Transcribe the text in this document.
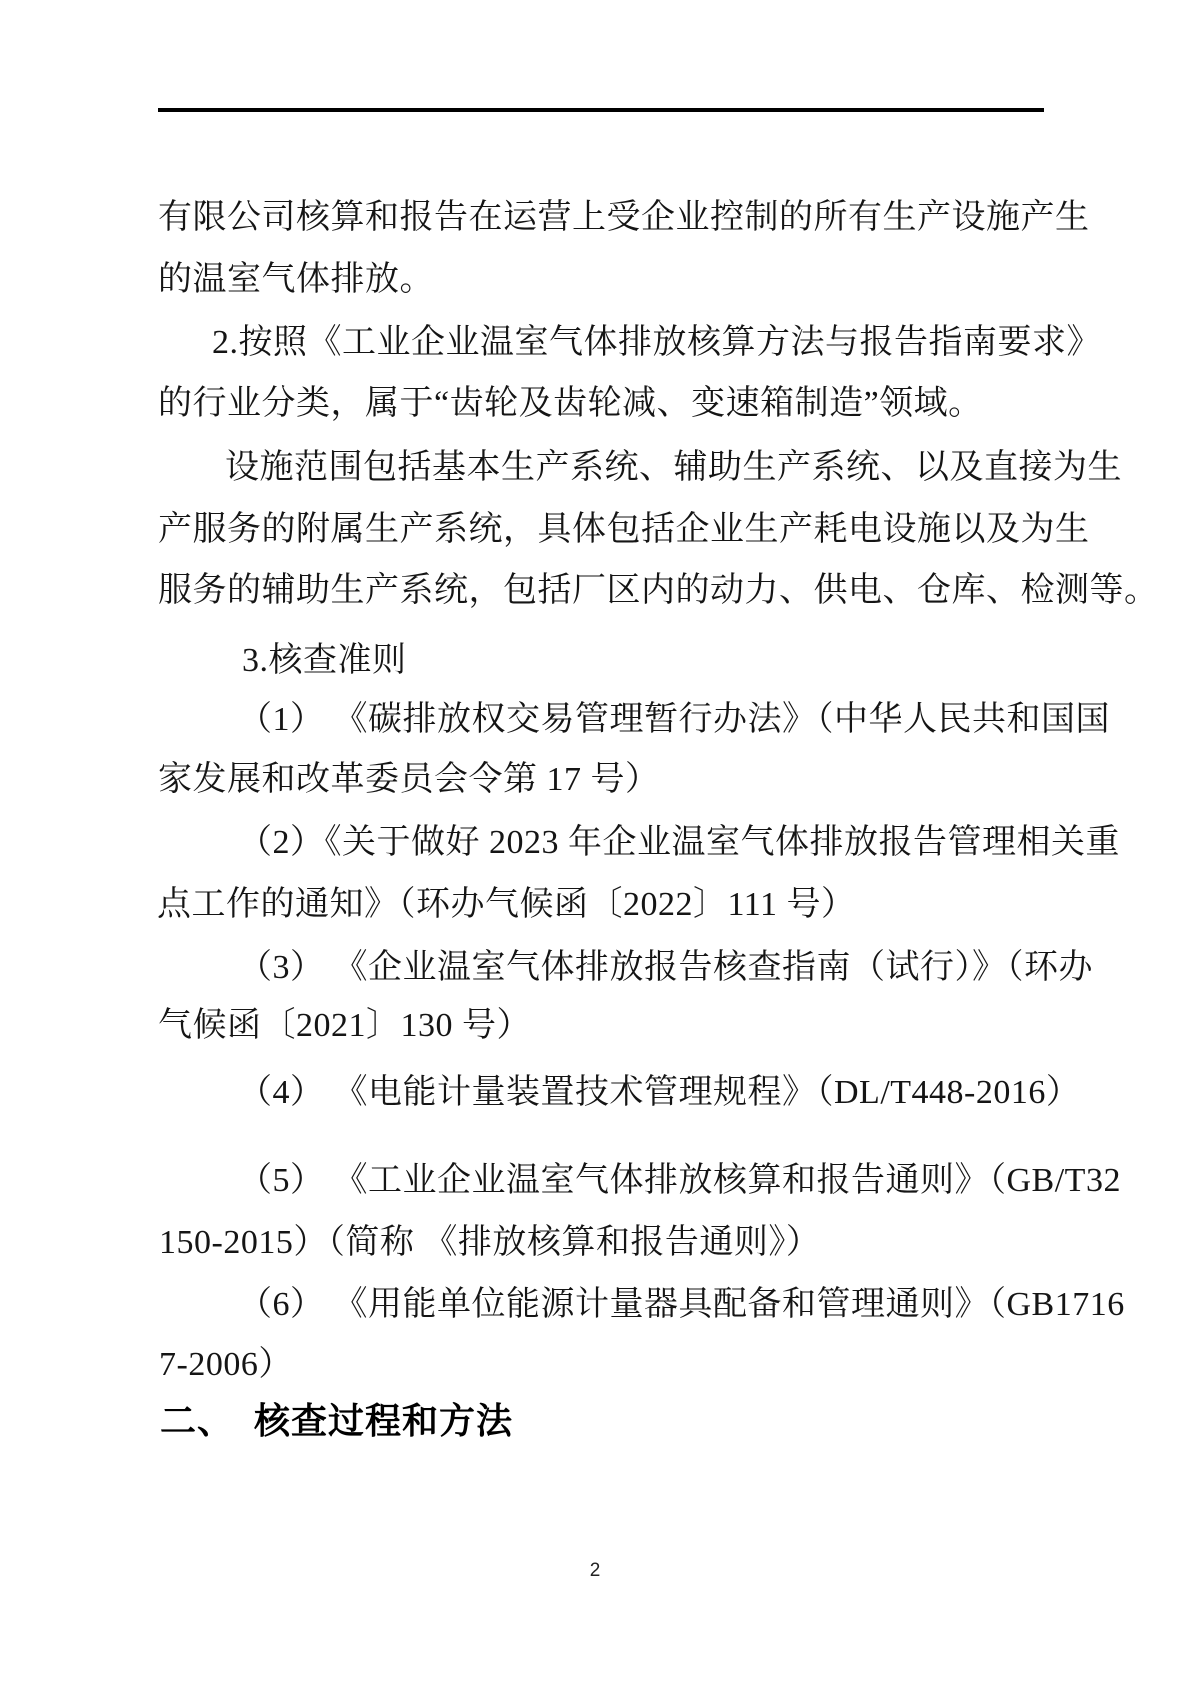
有限公司核算和报告在运营上受企业控制的所有生产设施产生
的温室气体排放。
2.按照《工业企业温室气体排放核算方法与报告指南要求》
的行业分类，属于“齿轮及齿轮减、变速箱制造”领域。
设施范围包括基本生产系统、辅助生产系统、以及直接为生
产服务的附属生产系统，具体包括企业生产耗电设施以及为生
服务的辅助生产系统，包括厂区内的动力、供电、仓库、检测等。
3.核查准则
（1） 《碳排放权交易管理暂行办法》（中华人民共和国国
家发展和改革委员会令第 17 号）
（2）《关于做好 2023 年企业温室气体排放报告管理相关重
点工作的通知》（环办气候函〔2022〕111 号）
（3） 《企业温室气体排放报告核查指南（试行）》（环办
气候函〔2021〕130 号）
（4） 《电能计量装置技术管理规程》（DL/T448-2016）
（5） 《工业企业温室气体排放核算和报告通则》（GB/T32
150-2015）（简称 《排放核算和报告通则》）
（6） 《用能单位能源计量器具配备和管理通则》（GB1716
7-2006）
二、  核查过程和方法
2
